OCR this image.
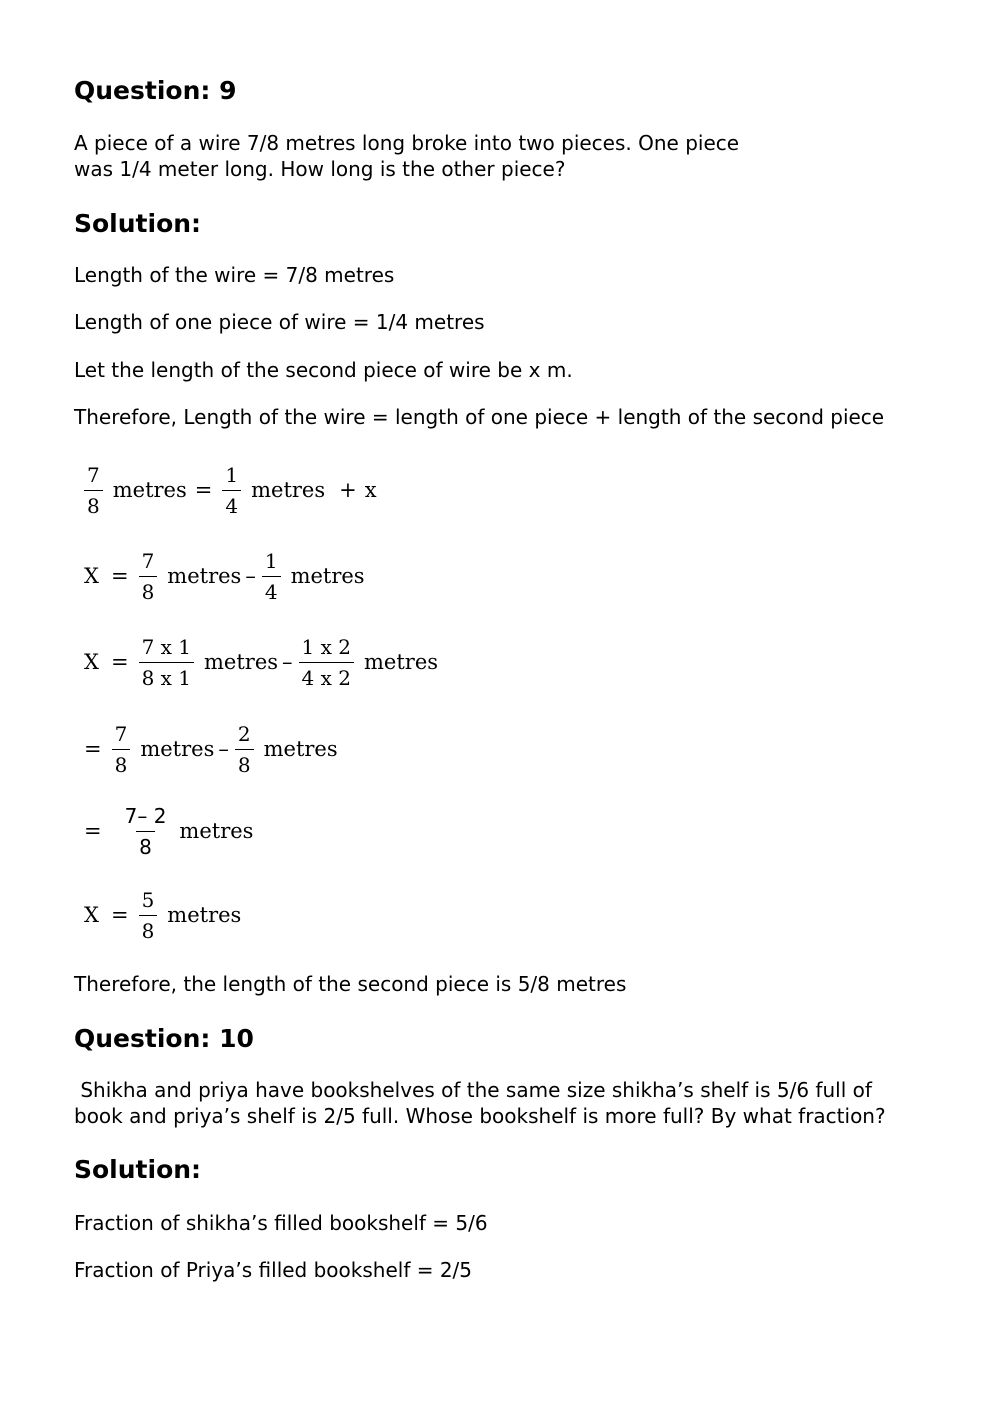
Question: 9
A piece of a wire 7/8 metres long broke into two pieces. One piece
was 1/4 meter long. How long is the other piece?
Solution:
Length of the wire = 7/8 metres
Length of one piece of wire = 1/4 metres
Let the length of the second piece of wire be x m.
Therefore, Length of the wire = length of one piece + length of the second piece
$\frac{7}{8}$ metres = $\frac{1}{4}$ metres + x
$X = \frac{7}{8}$ metres – $\frac{1}{4}$ metres
$X = \frac{7 x 1}{8 x 1}$ metres – $\frac{1 x 2}{4 x 2}$ metres
= $\frac{7}{8}$ metres – $\frac{2}{8}$ metres
= $\frac{7- 2}{8}$ metres
$X = \frac{5}{8}$ metres
Therefore, the length of the second piece is 5/8 metres
Question: 10
Shikha and priya have bookshelves of the same size shikha’s shelf is 5/6 full of
book and priya’s shelf is 2/5 full. Whose bookshelf is more full? By what fraction?
Solution:
Fraction of shikha’s filled bookshelf = 5/6
Fraction of Priya’s filled bookshelf = 2/5
